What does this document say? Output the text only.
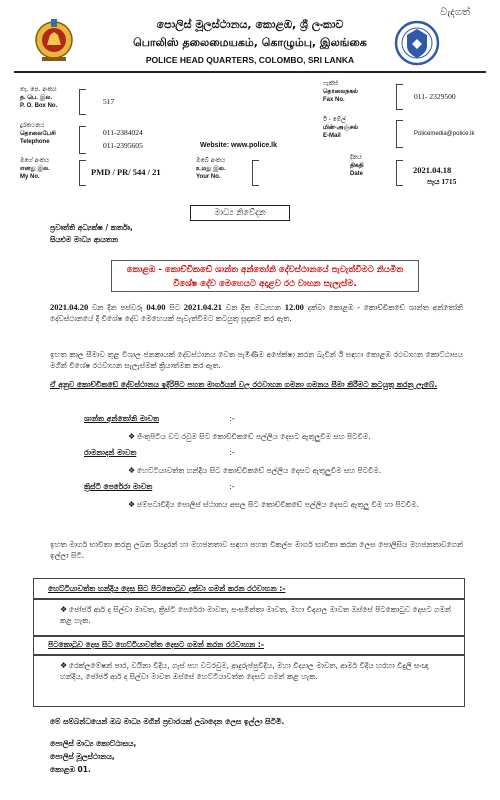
වැදගත්
පොලිස් මූලස්ථානය, කොළඹ, ශ්‍රී ලංකාව
பொலிஸ் தலைமையகம், கொழும்பு, இலங்கை
POLICE HEAD QUARTERS, COLOMBO, SRI LANKA
තැ. පෙ. අංකය
த. பெ. இல.
P. O. Box No.	517
ෆැක්ස්
தொலைநகல்
Fax No.	011- 2329500
දුරකථනය
தொலைபேசி
Telephone
011-2384024
011-2395605	Website: www.police.lk
ඊ - මේල්
மின்-அஞ்சல்
E-Mail	Policemedia@police.lk
මගේ අංකය
எனது இல.
My No.	PMD / PR/ 544 / 21
ඔබේ අංකය
உமது இல.
Your No.
දිනය
திகதி
Date	2021.04.18
පැය 1715
මාධ්‍ය නිවේදන
ප්‍රවෘත්ති අධ්‍යක්ෂ / කර්තෘ,
සියළුම මාධ්‍ය ආයතන
කොළඹ - කොච්චිකඩේ ශාන්ත අන්තෝනි දේවස්ථානයේ පැවැත්වීමට නියමිත
විශේෂ දේව මෙහෙයට අදාළව රථ වාහන සැලැස්ම.
2021.04.20 වන දින පස්වරු 04.00 සිට 2021.04.21 වන දින මධ්‍යහන 12.00 දක්වා කොළඹ - කොච්චිකඩේ ශාන්ත අන්තෝනි දේවස්ථානයේ දී විශේෂ දේව මෙහෙයක් පැවැත්වීමට කටයුතු සූදානම් කර ඇත.
ඉහත කාල සීමාව තුළ විශාල ජනකායක් දේවස්ථානය වෙත පැමිණීම අපේක්ෂා කරන බැවින් ඊ සඳහා කොළඹ රථවාහන කොට්ඨාසය මගින් විශේෂ රථවාහන සැලැස්මක් ක්‍රියාත්මක කර ඇත.
ඒ අනුව කොච්චිකඩේ දේවස්ථානය ඉදිරිපිට පහත මාර්ගයන් වල රථවාහන ගමනා ගමනය සීමා කිරීමට කටයුතු කරනු ලැබේ.
ශාන්ත අන්තෝනි මාවත	:-
❖ ජිංතුපිටිය වට රවුම සිට කොච්චිකඩේ පල්ලිය දෙසට ඇතුලුවීම සහ පිටවීම.
රාමනාදන් මාවත	:-
❖ හෙට්ටියාවත්ත හන්දිය සිට කොච්චිකඩේ පල්ලිය දෙසට ඇතුලුවීම සහ පිටවීම.
ක්‍රිස්ටි පෙරේරා මාවත	:-
❖ ජම්පටාවීදිය පොලිස් ස්ථානය අසල සිට කොච්චිකඩේ පල්ලිය දෙසට ඇතුලු වීම හා පිටවීම.
ඉහත මාර්ග භාවිතා කරනු ලබන රියදුරන් හා මහජනතාව සඳහා පහත විකල්ප මාර්ග භාවිතා කරන ලෙස පොලිසිය මහජනතාවගෙන් ඉල්ලා සිටී.
හෙට්ටියාවත්ත හන්දිය දෙස සිට පිටකොටුව දක්වා ගමන් කරන රථවාහන :-
❖ ජෝර්ජ් ආර් ද සිල්වා මාවත, ක්‍රිස්ටි පෙරේරා මාවත, සංඝමිත්තා මාවත, මහා විද්‍යාල මාවත ඔස්සේ පිටකොටුව දෙසට ගමන් කළ හැක.
පිටකොටුව දෙස සිට හෙට්ටියාවත්ත දෙසට ගමන් කරන රථවාහන :-
❖ රෙක්ලමේෂන් පාර, වයිනා වීදිය, ගැස් පහ වටරවුම, ආදුරුප්පුවීදිය, මහා විද්‍යාල මාවත, ආමර් වීදිය හරහා විදුලි සංඥා හන්දිය, ජෝර්ජ් ආර් ද සිල්වා මාවත ඔස්සේ හෙට්ටියාවත්ත දෙසට ගමන් කළ හැක.
මේ සම්බන්ධයෙන් ඔබ මාධ්‍ය මගින් ප්‍රචාරයක් ලබාදෙන ලෙස ඉල්ලා සිටිමි.
පොලිස් මාධ්‍ය කොට්ඨාසය,
පොලිස් මූලස්ථානය,
කොළඹ 01.
